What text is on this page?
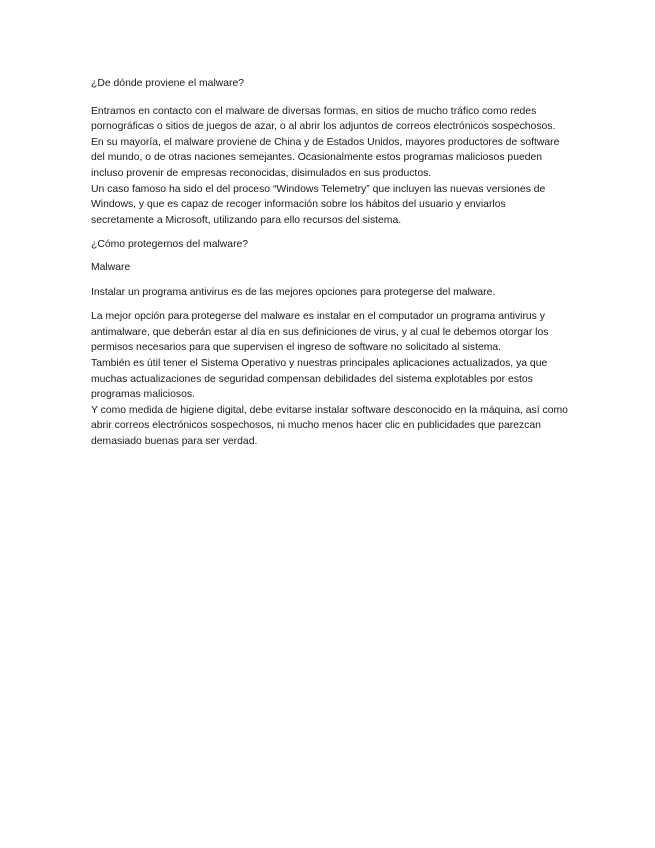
¿De dónde proviene el malware?
Entramos en contacto con el malware de diversas formas, en sitios de mucho tráfico como redes pornográficas o sitios de juegos de azar, o al abrir los adjuntos de correos electrónicos sospechosos.
En su mayoría, el malware proviene de China y de Estados Unidos, mayores productores de software del mundo, o de otras naciones semejantes. Ocasionalmente estos programas maliciosos pueden incluso provenir de empresas reconocidas, disimulados en sus productos.
Un caso famoso ha sido el del proceso “Windows Telemetry” que incluyen las nuevas versiones de Windows, y que es capaz de recoger información sobre los hábitos del usuario y enviarlos secretamente a Microsoft, utilizando para ello recursos del sistema.
¿Cómo protegernos del malware?
Malware
Instalar un programa antivirus es de las mejores opciones para protegerse del malware.
La mejor opción para protegerse del malware es instalar en el computador un programa antivirus y antimalware, que deberán estar al día en sus definiciones de virus, y al cual le debemos otorgar los permisos necesarios para que supervisen el ingreso de software no solicitado al sistema.
También es útil tener el Sistema Operativo y nuestras principales aplicaciones actualizados, ya que muchas actualizaciones de seguridad compensan debilidades del sistema explotables por estos programas maliciosos.
Y como medida de higiene digital, debe evitarse instalar software desconocido en la máquina, así como abrir correos electrónicos sospechosos, ni mucho menos hacer clic en publicidades que parezcan demasiado buenas para ser verdad.
